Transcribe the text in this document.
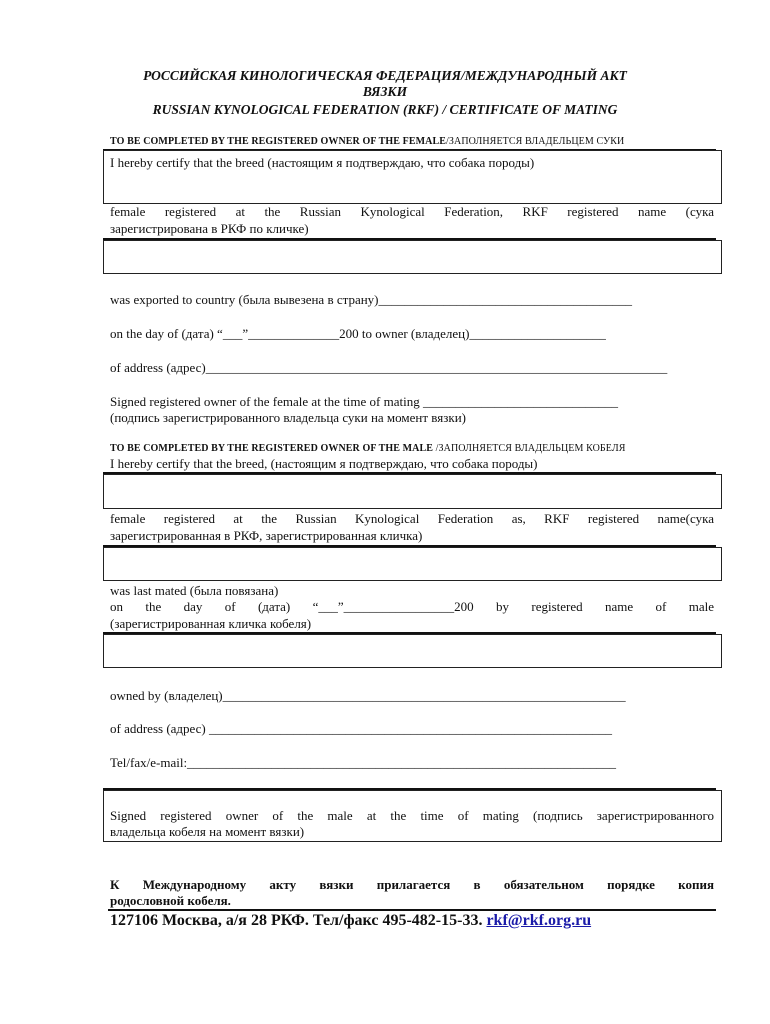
РОССИЙСКАЯ КИНОЛОГИЧЕСКАЯ ФЕДЕРАЦИЯ/МЕЖДУНАРОДНЫЙ АКТ
ВЯЗКИ
RUSSIAN KYNOLOGICAL FEDERATION (RKF) / CERTIFICATE OF MATING
TO BE COMPLETED BY THE REGISTERED OWNER OF THE FEMALE/ЗАПОЛНЯЕТСЯ ВЛАДЕЛЬЦЕМ СУКИ
I hereby certify that the breed (настоящим я подтверждаю, что собака породы)
female registered at the Russian Kynological Federation, RKF registered name (сука
зарегистрирована в РКФ по кличке)
was exported to country (была вывезена в страну)_______________________________________
on the day of (дата) “___”______________200 to owner (владелец)_____________________
of address (адрес)_______________________________________________________________________
Signed registered owner of the female at the time of mating ______________________________
(подпись зарегистрированного владельца суки на момент вязки)
TO BE COMPLETED BY THE REGISTERED OWNER OF THE MALE /ЗАПОЛНЯЕТСЯ ВЛАДЕЛЬЦЕМ КОБЕЛЯ
I hereby certify that the breed, (настоящим я подтверждаю, что собака породы)
female registered at the Russian Kynological Federation as, RKF registered name(сука
зарегистрированная в РКФ, зарегистрированная кличка)
was last mated (была повязана)
on the day of (дата) “___”_________________200 by registered name of male
(зарегистрированная кличка кобеля)
owned by (владелец)______________________________________________________________
of address (адрес) ______________________________________________________________
Tel/fax/e-mail:__________________________________________________________________
Signed registered owner of the male at the time of mating (подпись зарегистрированного
владельца кобеля на момент вязки)
К Международному акту вязки прилагается в обязательном порядке копия
родословной кобеля.
127106 Москва, а/я 28 РКФ. Тел/факс 495-482-15-33. rkf@rkf.org.ru
